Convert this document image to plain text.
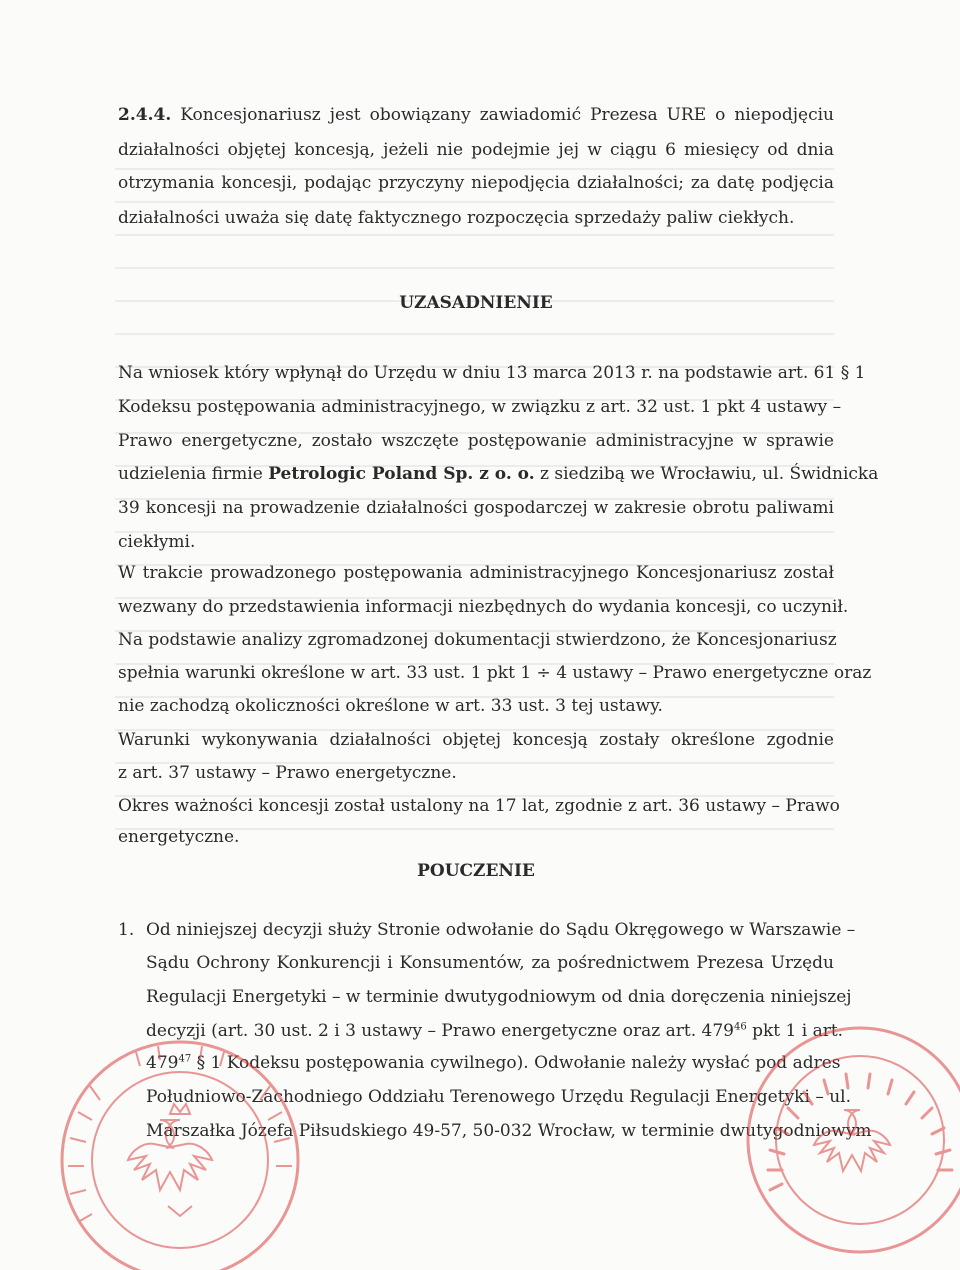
2.4.4. Koncesjonariusz jest obowiązany zawiadomić Prezesa URE o niepodjęciu
działalności objętej koncesją, jeżeli nie podejmie jej w ciągu 6 miesięcy od dnia
otrzymania koncesji, podając przyczyny niepodjęcia działalności; za datę podjęcia
działalności uważa się datę faktycznego rozpoczęcia sprzedaży paliw ciekłych.
UZASADNIENIE
Na wniosek który wpłynął do Urzędu w dniu 13 marca 2013 r. na podstawie art. 61 § 1
Kodeksu postępowania administracyjnego, w związku z art. 32 ust. 1 pkt 4 ustawy –
Prawo energetyczne, zostało wszczęte postępowanie administracyjne w sprawie
udzielenia firmie Petrologic Poland Sp. z o. o. z siedzibą we Wrocławiu, ul. Świdnicka
39 koncesji na prowadzenie działalności gospodarczej w zakresie obrotu paliwami
ciekłymi.
W trakcie prowadzonego postępowania administracyjnego Koncesjonariusz został
wezwany do przedstawienia informacji niezbędnych do wydania koncesji, co uczynił.
Na podstawie analizy zgromadzonej dokumentacji stwierdzono, że Koncesjonariusz
spełnia warunki określone w art. 33 ust. 1 pkt 1 ÷ 4 ustawy – Prawo energetyczne oraz
nie zachodzą okoliczności określone w art. 33 ust. 3 tej ustawy.
Warunki wykonywania działalności objętej koncesją zostały określone zgodnie
z art. 37 ustawy – Prawo energetyczne.
Okres ważności koncesji został ustalony na 17 lat, zgodnie z art. 36 ustawy – Prawo
energetyczne.
POUCZENIE
1. Od niniejszej decyzji służy Stronie odwołanie do Sądu Okręgowego w Warszawie –
Sądu Ochrony Konkurencji i Konsumentów, za pośrednictwem Prezesa Urzędu
Regulacji Energetyki – w terminie dwutygodniowym od dnia doręczenia niniejszej
decyzji (art. 30 ust. 2 i 3 ustawy – Prawo energetyczne oraz art. $479^{46}$ pkt 1 i art.
$479^{47}$ § 1 Kodeksu postępowania cywilnego). Odwołanie należy wysłać pod adres
Południowo-Zachodniego Oddziału Terenowego Urzędu Regulacji Energetyki – ul.
Marszałka Józefa Piłsudskiego 49-57, 50-032 Wrocław, w terminie dwutygodniowym
